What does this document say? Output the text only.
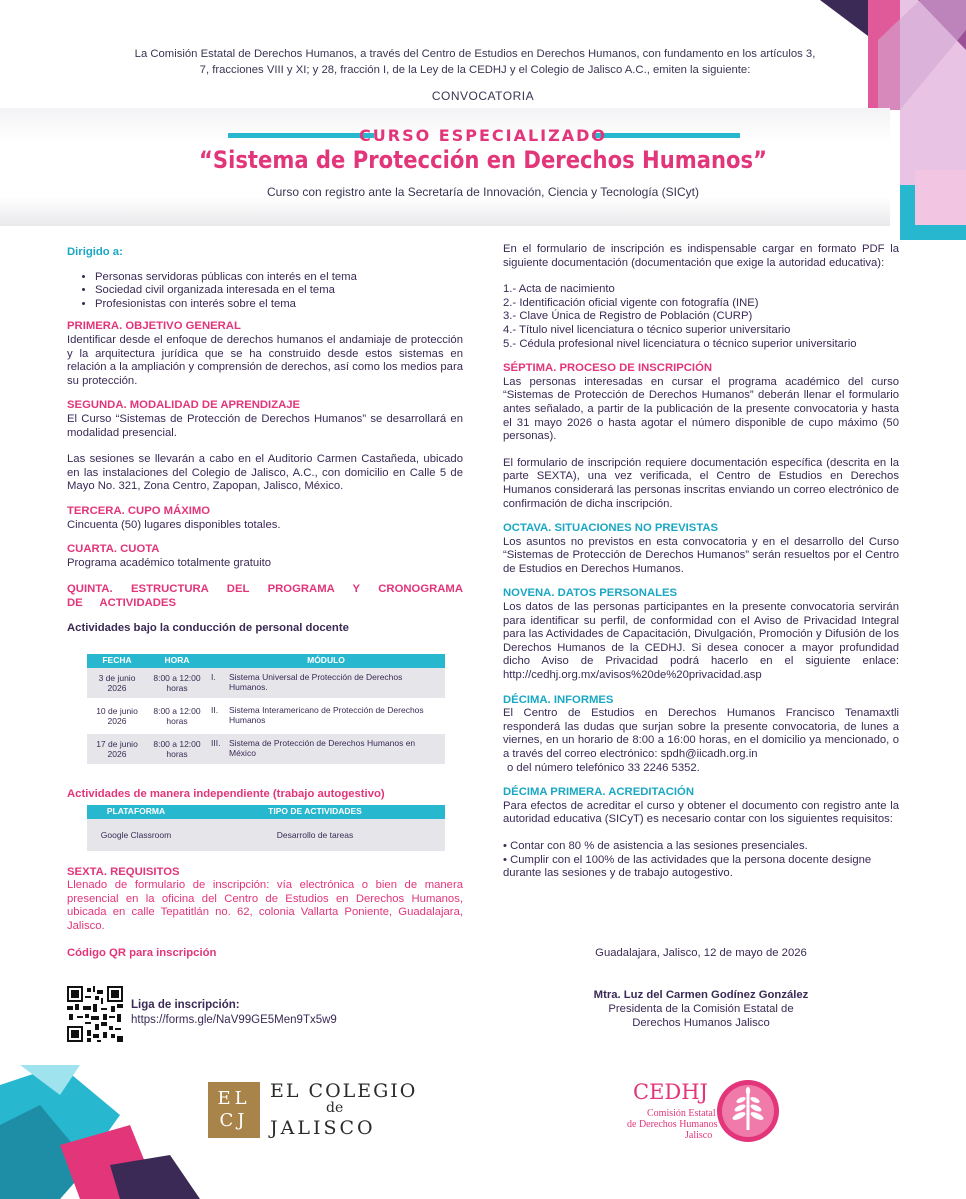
La Comisión Estatal de Derechos Humanos, a través del Centro de Estudios en Derechos Humanos, con fundamento en los artículos 3, 7, fracciones VIII y XI; y 28, fracción I, de la Ley de la CEDHJ y el Colegio de Jalisco A.C., emiten la siguiente:
CONVOCATORIA
CURSO ESPECIALIZADO
“Sistema de Protección en Derechos Humanos”
Curso con registro ante la Secretaría de Innovación, Ciencia y Tecnología (SICyt)
Dirigido a:
• Personas servidoras públicas con interés en el tema
• Sociedad civil organizada interesada en el tema
• Profesionistas con interés sobre el tema
PRIMERA. OBJETIVO GENERAL
Identificar desde el enfoque de derechos humanos el andamiaje de protección y la arquitectura jurídica que se ha construido desde estos sistemas en relación a la ampliación y comprensión de derechos, así como los medios para su protección.
SEGUNDA. MODALIDAD DE APRENDIZAJE
El Curso “Sistemas de Protección de Derechos Humanos” se desarrollará en modalidad presencial.
Las sesiones se llevarán a cabo en el Auditorio Carmen Castañeda, ubicado en las instalaciones del Colegio de Jalisco, A.C., con domicilio en Calle 5 de Mayo No. 321, Zona Centro, Zapopan, Jalisco, México.
TERCERA. CUPO MÁXIMO
Cincuenta (50) lugares disponibles totales.
CUARTA. CUOTA
Programa académico totalmente gratuito
QUINTA. ESTRUCTURA DEL PROGRAMA Y CRONOGRAMA DE ACTIVIDADES
Actividades bajo la conducción de personal docente
FECHA	HORA	MÓDULO	
3 de junio 2026	8:00 a 12:00 horas	I.	Sistema Universal de Protección de Derechos Humanos.

10 de junio 2026	8:00 a 12:00 horas	II.	Sistema Interamericano de Protección de Derechos Humanos

17 de junio 2026	8:00 a 12:00 horas	III.	Sistema de Protección de Derechos Humanos en México
Actividades de manera independiente (trabajo autogestivo)
PLATAFORMA	TIPO DE ACTIVIDADES
Google Classroom	Desarrollo de tareas
SEXTA. REQUISITOS
Llenado de formulario de inscripción: vía electrónica o bien de manera presencial en la oficina del Centro de Estudios en Derechos Humanos, ubicada en calle Tepatitlán no. 62, colonia Vallarta Poniente, Guadalajara, Jalisco.
Código QR para inscripción
Liga de inscripción:
https://forms.gle/NaV99GE5Men9Tx5w9
En el formulario de inscripción es indispensable cargar en formato PDF la siguiente documentación (documentación que exige la autoridad educativa):
1.- Acta de nacimiento
2.- Identificación oficial vigente con fotografía (INE)
3.- Clave Única de Registro de Población (CURP)
4.- Título nivel licenciatura o técnico superior universitario
5.- Cédula profesional nivel licenciatura o técnico superior universitario
SÉPTIMA. PROCESO DE INSCRIPCIÓN
Las personas interesadas en cursar el programa académico del curso “Sistemas de Protección de Derechos Humanos” deberán llenar el formulario antes señalado, a partir de la publicación de la presente convocatoria y hasta el 31 mayo 2026 o hasta agotar el número disponible de cupo máximo (50 personas).
El formulario de inscripción requiere documentación específica (descrita en la parte SEXTA), una vez verificada, el Centro de Estudios en Derechos Humanos considerará las personas inscritas enviando un correo electrónico de confirmación de dicha inscripción.
OCTAVA. SITUACIONES NO PREVISTAS
Los asuntos no previstos en esta convocatoria y en el desarrollo del Curso “Sistemas de Protección de Derechos Humanos” serán resueltos por el Centro de Estudios en Derechos Humanos.
NOVENA. DATOS PERSONALES
Los datos de las personas participantes en la presente convocatoria servirán para identificar su perfil, de conformidad con el Aviso de Privacidad Integral para las Actividades de Capacitación, Divulgación, Promoción y Difusión de los Derechos Humanos de la CEDHJ. Si desea conocer a mayor profundidad dicho Aviso de Privacidad podrá hacerlo en el siguiente enlace: http://cedhj.org.mx/avisos%20de%20privacidad.asp
DÉCIMA. INFORMES
El Centro de Estudios en Derechos Humanos Francisco Tenamaxtli responderá las dudas que surjan sobre la presente convocatoria, de lunes a viernes, en un horario de 8:00 a 16:00 horas, en el domicilio ya mencionado, o a través del correo electrónico: spdh@iicadh.org.in
o del número telefónico 33 2246 5352.
DÉCIMA PRIMERA. ACREDITACIÓN
Para efectos de acreditar el curso y obtener el documento con registro ante la autoridad educativa (SICyT) es necesario contar con los siguientes requisitos:
• Contar con 80 % de asistencia a las sesiones presenciales.
• Cumplir con el 100% de las actividades que la persona docente designe durante las sesiones y de trabajo autogestivo.
Guadalajara, Jalisco, 12 de mayo de 2026
Mtra. Luz del Carmen Godínez González
Presidenta de la Comisión Estatal de
Derechos Humanos Jalisco
ELCJ
EL COLEGIO
de
JALISCO
CEDHJ
Comisión Estatal
de Derechos Humanos
Jalisco
